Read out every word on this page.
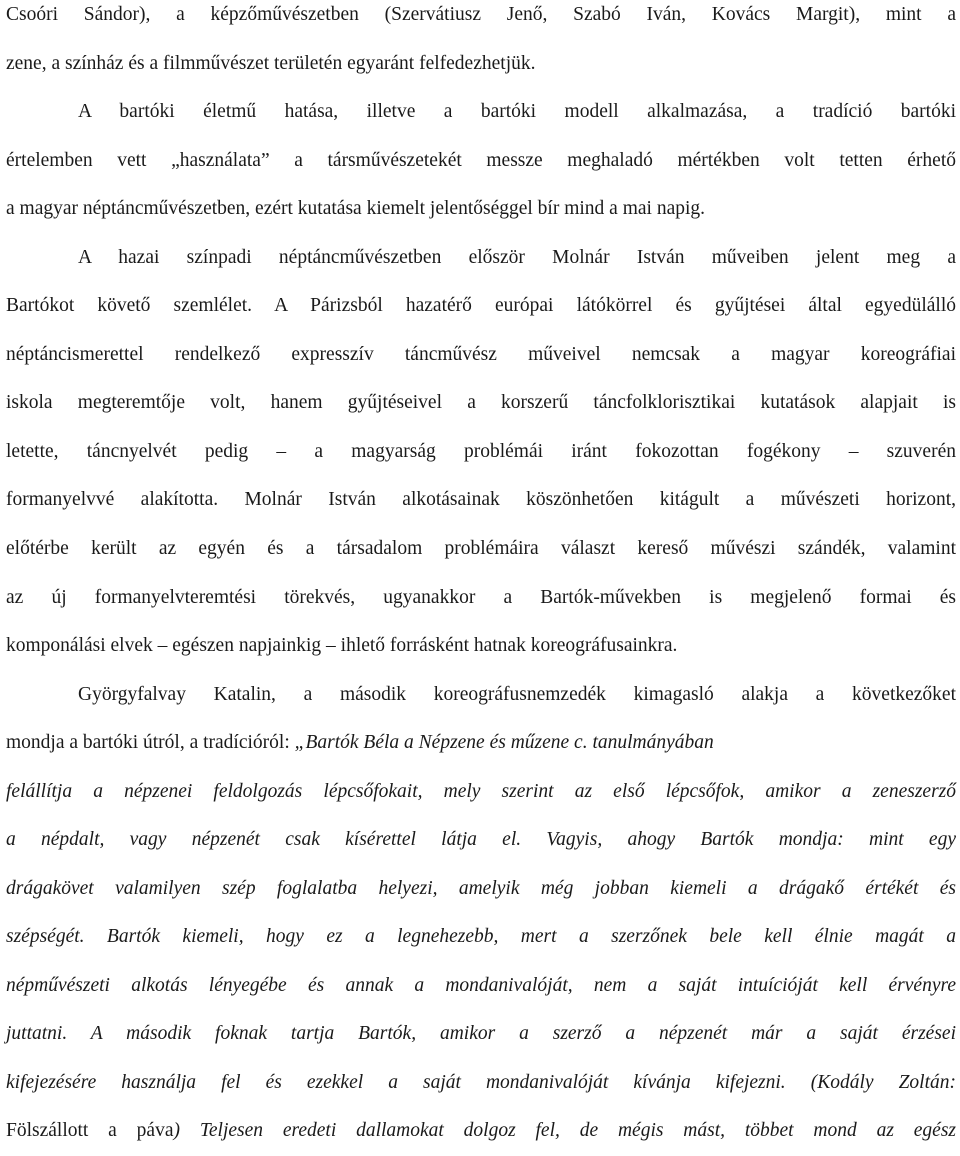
Csoóri Sándor), a képzőművészetben (Szervátiusz Jenő, Szabó Iván, Kovács Margit), mint a
zene, a színház és a filmművészet területén egyaránt felfedezhetjük.
A bartóki életmű hatása, illetve a bartóki modell alkalmazása, a tradíció bartóki
értelemben vett „használata” a társművészetekét messze meghaladó mértékben volt tetten érhető
a magyar néptáncművészetben, ezért kutatása kiemelt jelentőséggel bír mind a mai napig.
A hazai színpadi néptáncművészetben először Molnár István műveiben jelent meg a
Bartókot követő szemlélet. A Párizsból hazatérő európai látókörrel és gyűjtései által egyedülálló
néptáncismerettel rendelkező expresszív táncművész műveivel nemcsak a magyar koreográfiai
iskola megteremtője volt, hanem gyűjtéseivel a korszerű táncfolklorisztikai kutatások alapjait is
letette, táncnyelvét pedig – a magyarság problémái iránt fokozottan fogékony – szuverén
formanyelvvé alakította. Molnár István alkotásainak köszönhetően kitágult a művészeti horizont,
előtérbe került az egyén és a társadalom problémáira választ kereső művészi szándék, valamint
az új formanyelvteremtési törekvés, ugyanakkor a Bartók-művekben is megjelenő formai és
komponálási elvek – egészen napjainkig – ihlető forrásként hatnak koreográfusainkra.
Györgyfalvay Katalin, a második koreográfusnemzedék kimagasló alakja a következőket
mondja a bartóki útról, a tradícióról: „Bartók Béla a Népzene és műzene c. tanulmányában
felállítja a népzenei feldolgozás lépcsőfokait, mely szerint az első lépcsőfok, amikor a zeneszerző
a népdalt, vagy népzenét csak kísérettel látja el. Vagyis, ahogy Bartók mondja: mint egy
drágakövet valamilyen szép foglalatba helyezi, amelyik még jobban kiemeli a drágakő értékét és
szépségét. Bartók kiemeli, hogy ez a legnehezebb, mert a szerzőnek bele kell élnie magát a
népművészeti alkotás lényegébe és annak a mondanivalóját, nem a saját intuícióját kell érvényre
juttatni. A második foknak tartja Bartók, amikor a szerző a népzenét már a saját érzései
kifejezésére használja fel és ezekkel a saját mondanivalóját kívánja kifejezni. (Kodály Zoltán:
Fölszállott a páva) Teljesen eredeti dallamokat dolgoz fel, de mégis mást, többet mond az egész
